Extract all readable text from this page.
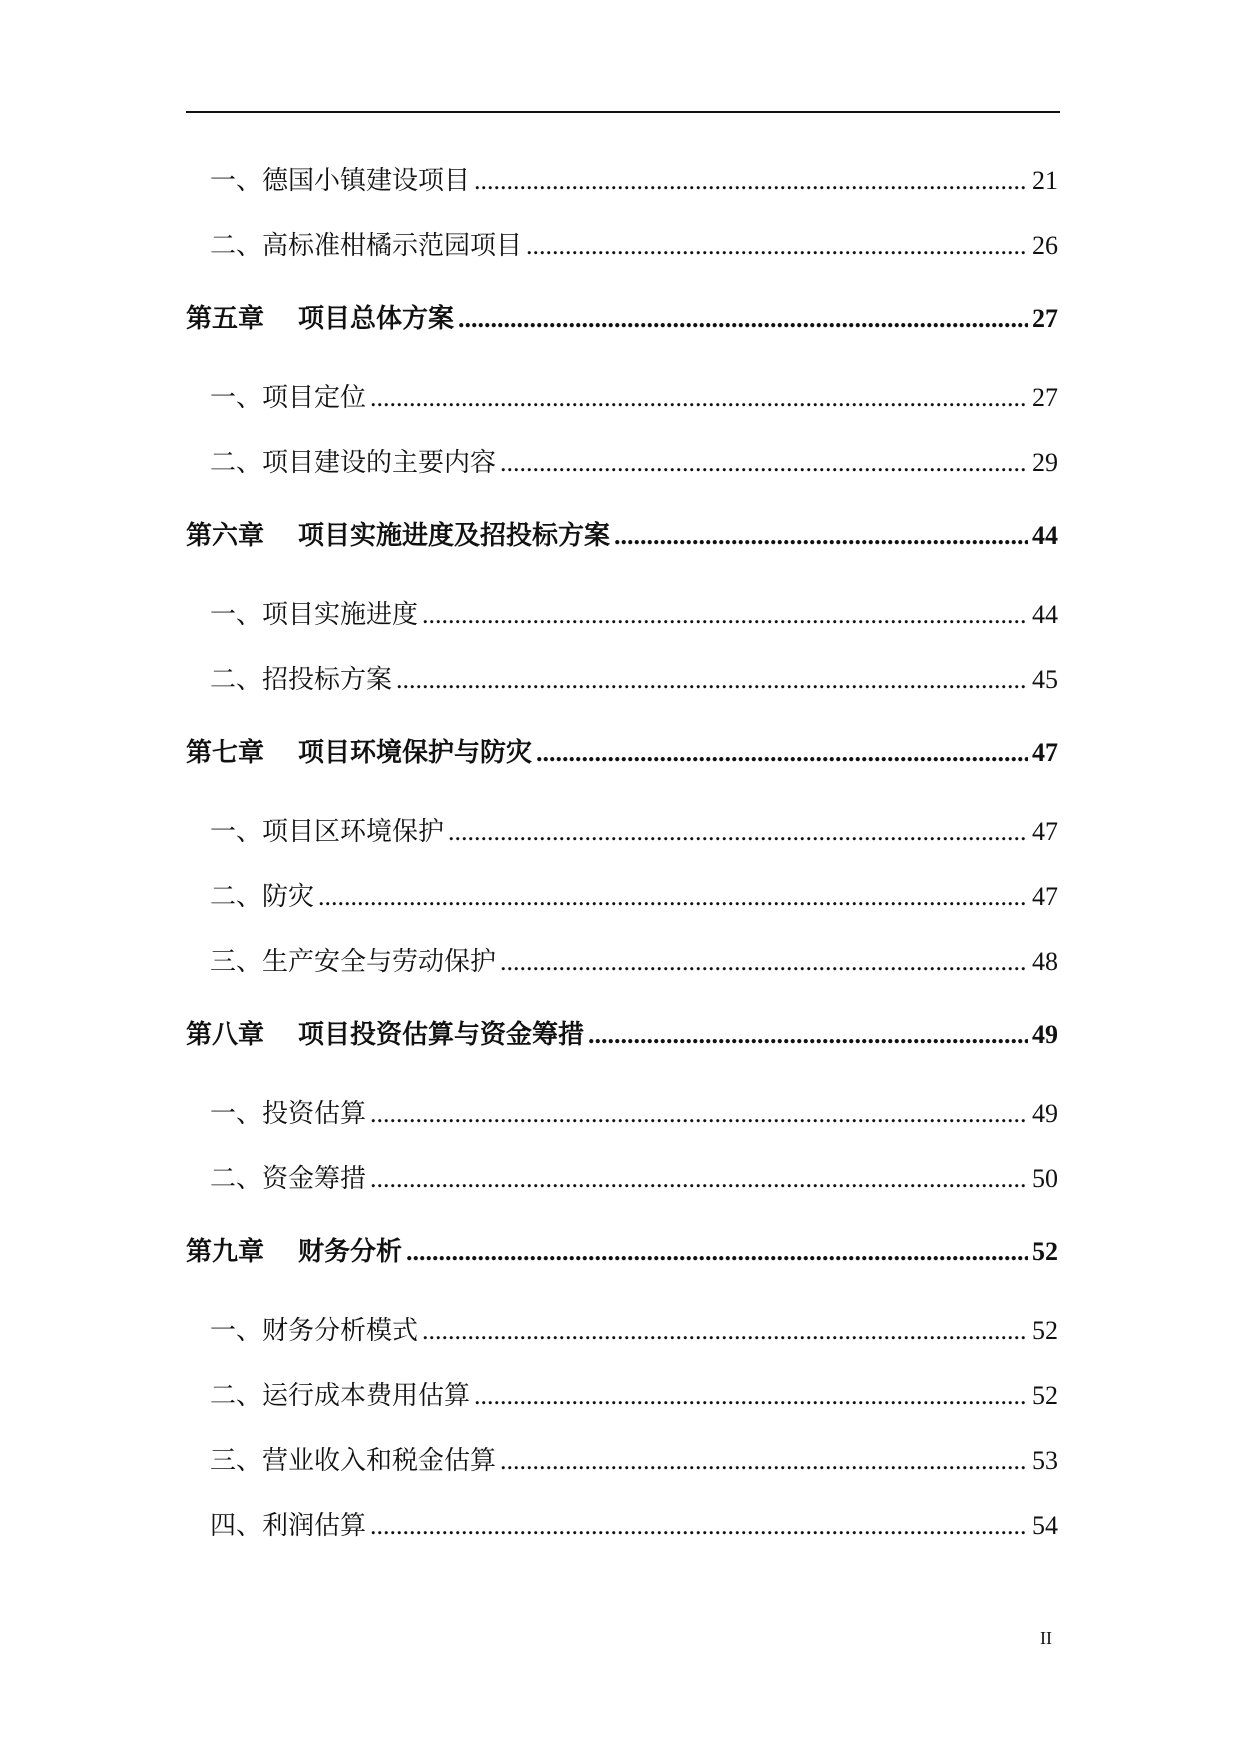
一、德国小镇建设项目 .....	21
二、高标准柑橘示范园项目 .....	26
第五章 项目总体方案 .....	27
一、项目定位 .....	27
二、项目建设的主要内容 .....	29
第六章 项目实施进度及招投标方案 .....	44
一、项目实施进度 .....	44
二、招投标方案 .....	45
第七章 项目环境保护与防灾 .....	47
一、项目区环境保护 .....	47
二、防灾 .....	47
三、生产安全与劳动保护 .....	48
第八章 项目投资估算与资金筹措 .....	49
一、投资估算 .....	49
二、资金筹措 .....	50
第九章 财务分析 .....	52
一、财务分析模式 .....	52
二、运行成本费用估算 .....	52
三、营业收入和税金估算 .....	53
四、利润估算 .....	54
II
